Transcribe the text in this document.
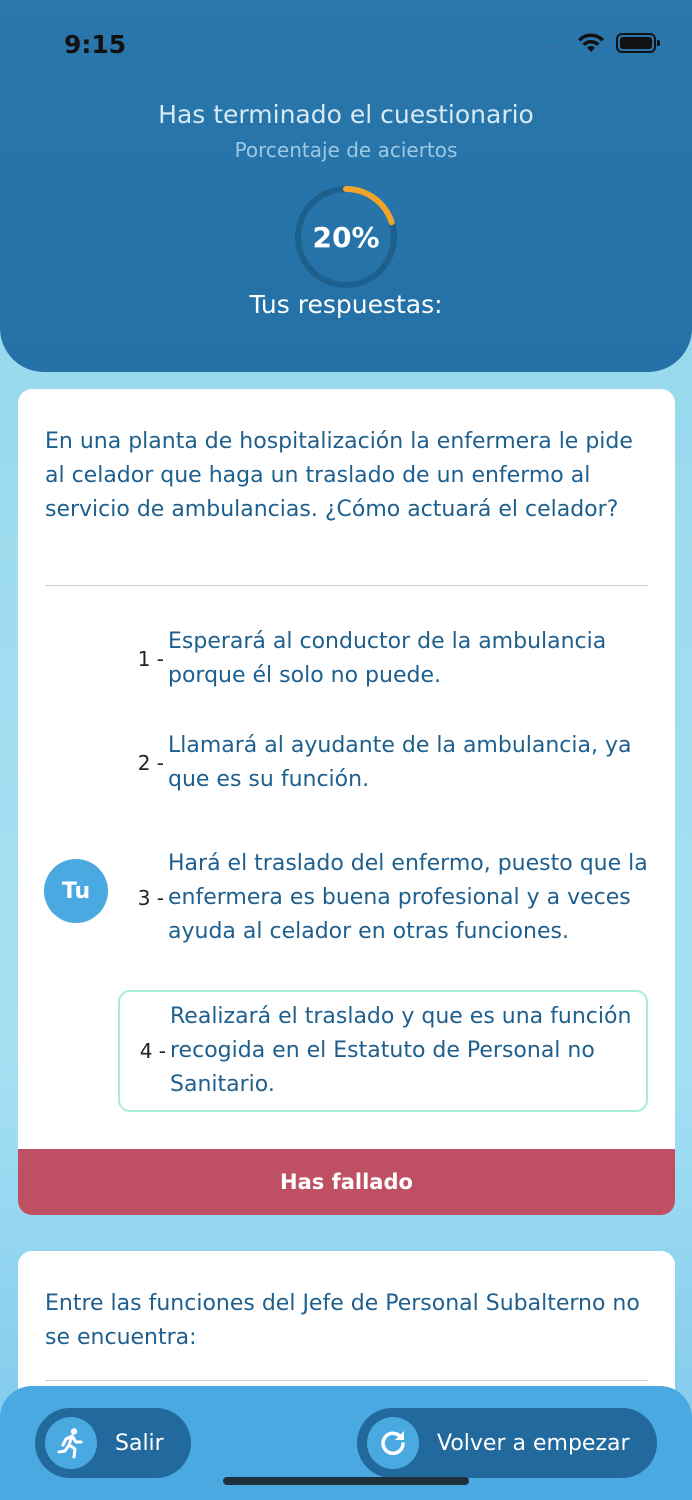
9:15	....
Has terminado el cuestionario
Porcentaje de aciertos
20%
Tus respuestas:
En una planta de hospitalización la enfermera le pide al celador que haga un traslado de un enfermo al servicio de ambulancias. ¿Cómo actuará el celador?
1 -
Esperará al conductor de la ambulancia porque él solo no puede.
2 -
Llamará al ayudante de la ambulancia, ya que es su función.
Tu	3 -
Hará el traslado del enfermo, puesto que la enfermera es buena profesional y a veces ayuda al celador en otras funciones.
4 -
Realizará el traslado y que es una función recogida en el Estatuto de Personal no Sanitario.
Has fallado
Entre las funciones del Jefe de Personal Subalterno no se encuentra:
Salir	Volver a empezar
